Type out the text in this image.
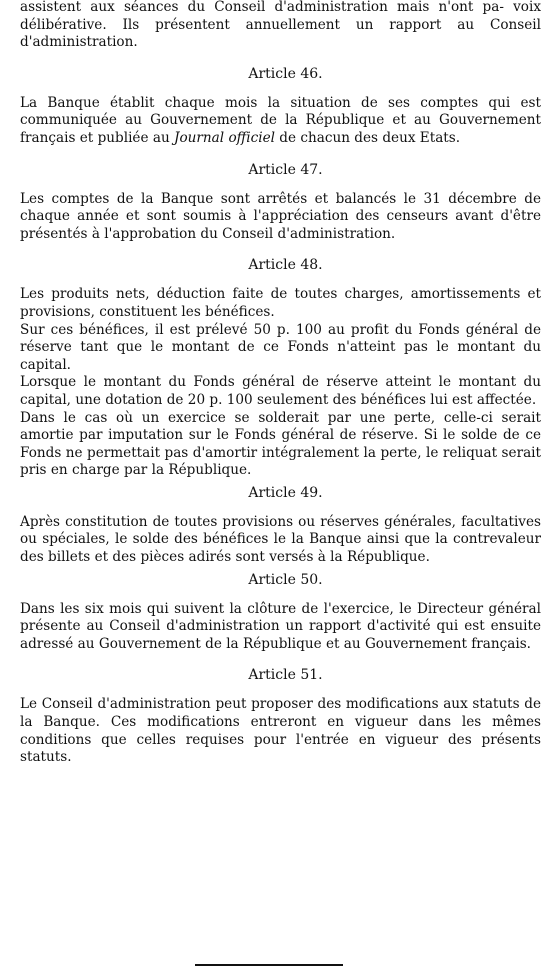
assistent aux séances du Conseil d'administration mais n'ont pa- voix délibérative. Ils présentent annuellement un rapport au Conseil d'administration.

Article 46.

La Banque établit chaque mois la situation de ses comptes qui est communiquée au Gouvernement de la République et au Gouvernement français et publiée au Journal officiel de chacun des deux Etats.

Article 47.

Les comptes de la Banque sont arrêtés et balancés le 31 décembre de chaque année et sont soumis à l'appréciation des censeurs avant d'être présentés à l'approbation du Conseil d'administration.

Article 48.

Les produits nets, déduction faite de toutes charges, amortissements et provisions, constituent les bénéfices.

Sur ces bénéfices, il est prélevé 50 p. 100 au profit du Fonds général de réserve tant que le montant de ce Fonds n'atteint pas le montant du capital.

Lorsque le montant du Fonds général de réserve atteint le montant du capital, une dotation de 20 p. 100 seulement des bénéfices lui est affectée.

Dans le cas où un exercice se solderait par une perte, celle-ci serait amortie par imputation sur le Fonds général de réserve. Si le solde de ce Fonds ne permettait pas d'amortir intégralement la perte, le reliquat serait pris en charge par la République.

Article 49.

Après constitution de toutes provisions ou réserves générales, facultatives ou spéciales, le solde des bénéfices le la Banque ainsi que la contrevaleur des billets et des pièces adirés sont versés à la République.

Article 50.

Dans les six mois qui suivent la clôture de l'exercice, le Directeur général présente au Conseil d'administration un rapport d'activité qui est ensuite adressé au Gouvernement de la République et au Gouvernement français.

Article 51.

Le Conseil d'administration peut proposer des modifications aux statuts de la Banque. Ces modifications entreront en vigueur dans les mêmes conditions que celles requises pour l'entrée en vigueur des présents statuts.
